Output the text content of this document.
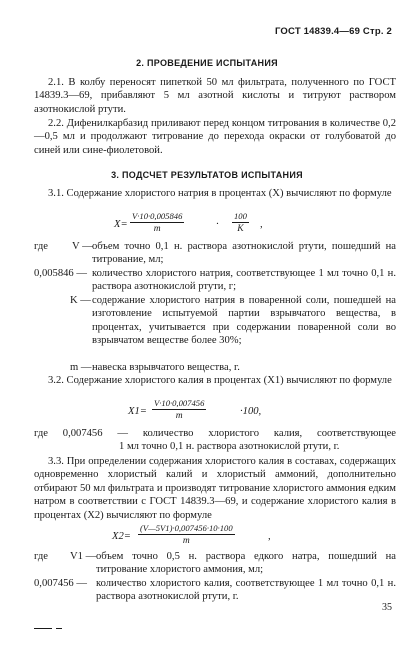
ГОСТ 14839.4—69 Стр. 2
2. ПРОВЕДЕНИЕ ИСПЫТАНИЯ
2.1. В колбу переносят пипеткой 50 мл фильтрата, полученного по ГОСТ 14839.3—69, прибавляют 5 мл азотной кислоты и титруют раствором азотнокислой ртути.
2.2. Дифенилкарбазид приливают перед концом титрования в количестве 0,2—0,5 мл и продолжают титрование до перехода окраски от голубоватой до синей или сине-фиолетовой.
3. ПОДСЧЕТ РЕЗУЛЬТАТОВ ИСПЫТАНИЯ
3.1. Содержание хлористого натрия в процентах (X) вычисляют по формуле
$X= \frac{V\cdot 10\cdot 0,005846}{m}$	· $\frac{100}{K}$ ,
где V — объем точно 0,1 н. раствора азотнокислой ртути, пошедший на титрование, мл;
0,005846 — количество хлористого натрия, соответствующее 1 мл точно 0,1 н. раствора азотнокислой ртути, г;
K — содержание хлористого натрия в поваренной соли, пошедшей на изготовление испытуемой партии взрывчатого вещества, в процентах, учитывается при содержании поваренной соли во взрывчатом веществе более 30%;
m — навеска взрывчатого вещества, г.
3.2. Содержание хлористого калия в процентах (X1) вычисляют по формуле
$X1= \frac{V\cdot 10\cdot 0,007456}{m}$	·100,
где 0,007456 — количество хлористого калия, соответствующее
1 мл точно 0,1 н. раствора азотнокислой ртути, г.
3.3. При определении содержания хлористого калия в составах, содержащих одновременно хлористый калий и хлористый аммоний, дополнительно отбирают 50 мл фильтрата и производят титрование хлористого аммония едким натром в соответствии с ГОСТ 14839.3—69, и содержание хлористого калия в процентах (X2) вычисляют по формуле
$X2= \frac{(V—5V1)\cdot 0,007456\cdot 10\cdot 100}{m}$	,
где V1 — объем точно 0,5 н. раствора едкого натра, пошедший на титрование хлористого аммония, мл;
0,007456 — количество хлористого калия, соответствующее 1 мл точно 0,1 н. раствора азотнокислой ртути, г.
35
